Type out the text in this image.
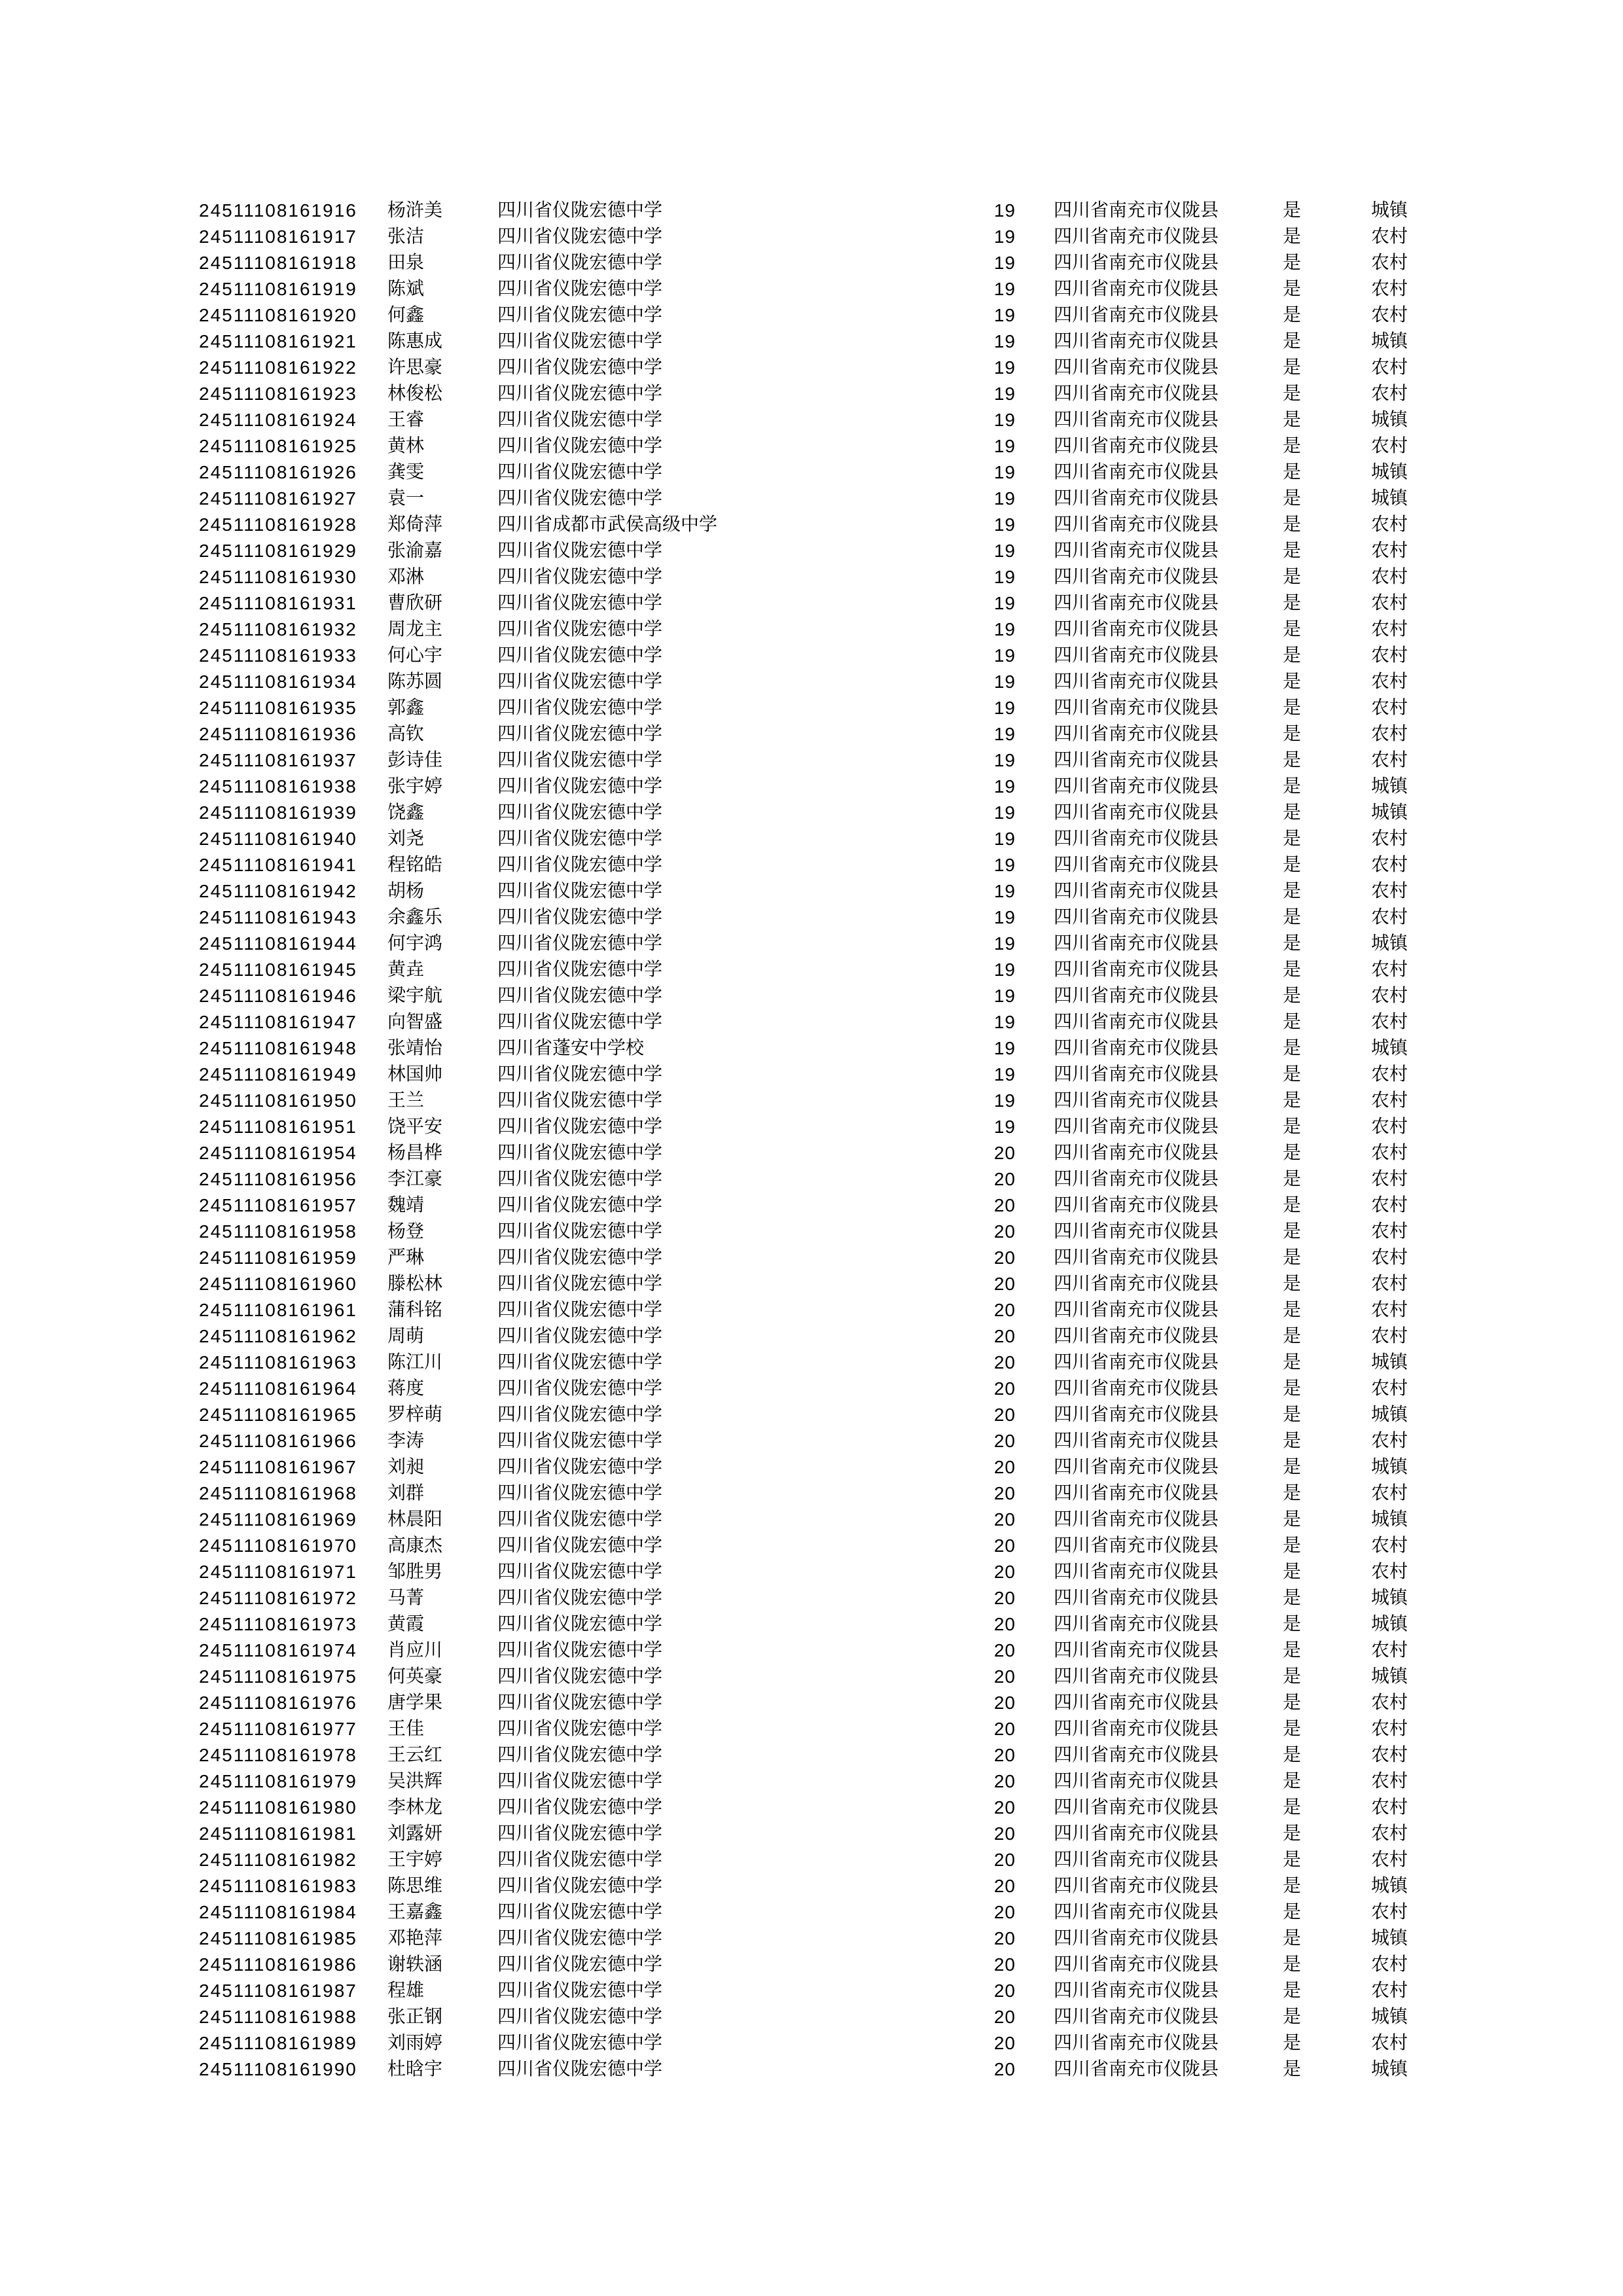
24511108161916 杨浒美	四川省仪陇宏德中学	19 四川省南充市仪陇县	是	城镇
24511108161917 张洁	四川省仪陇宏德中学	19 四川省南充市仪陇县	是	农村
24511108161918 田泉	四川省仪陇宏德中学	19 四川省南充市仪陇县	是	农村
24511108161919 陈斌	四川省仪陇宏德中学	19 四川省南充市仪陇县	是	农村
24511108161920 何鑫	四川省仪陇宏德中学	19 四川省南充市仪陇县	是	农村
24511108161921 陈惠成	四川省仪陇宏德中学	19 四川省南充市仪陇县	是	城镇
24511108161922 许思豪	四川省仪陇宏德中学	19 四川省南充市仪陇县	是	农村
24511108161923 林俊松	四川省仪陇宏德中学	19 四川省南充市仪陇县	是	农村
24511108161924 王睿	四川省仪陇宏德中学	19 四川省南充市仪陇县	是	城镇
24511108161925 黄林	四川省仪陇宏德中学	19 四川省南充市仪陇县	是	农村
24511108161926 龚雯	四川省仪陇宏德中学	19 四川省南充市仪陇县	是	城镇
24511108161927 袁一	四川省仪陇宏德中学	19 四川省南充市仪陇县	是	城镇
24511108161928 郑倚萍	四川省成都市武侯高级中学	19 四川省南充市仪陇县	是	农村
24511108161929 张渝嘉	四川省仪陇宏德中学	19 四川省南充市仪陇县	是	农村
24511108161930 邓淋	四川省仪陇宏德中学	19 四川省南充市仪陇县	是	农村
24511108161931 曹欣研	四川省仪陇宏德中学	19 四川省南充市仪陇县	是	农村
24511108161932 周龙主	四川省仪陇宏德中学	19 四川省南充市仪陇县	是	农村
24511108161933 何心宇	四川省仪陇宏德中学	19 四川省南充市仪陇县	是	农村
24511108161934 陈苏圆	四川省仪陇宏德中学	19 四川省南充市仪陇县	是	农村
24511108161935 郭鑫	四川省仪陇宏德中学	19 四川省南充市仪陇县	是	农村
24511108161936 高钦	四川省仪陇宏德中学	19 四川省南充市仪陇县	是	农村
24511108161937 彭诗佳	四川省仪陇宏德中学	19 四川省南充市仪陇县	是	农村
24511108161938 张宇婷	四川省仪陇宏德中学	19 四川省南充市仪陇县	是	城镇
24511108161939 饶鑫	四川省仪陇宏德中学	19 四川省南充市仪陇县	是	城镇
24511108161940 刘尧	四川省仪陇宏德中学	19 四川省南充市仪陇县	是	农村
24511108161941 程铭皓	四川省仪陇宏德中学	19 四川省南充市仪陇县	是	农村
24511108161942 胡杨	四川省仪陇宏德中学	19 四川省南充市仪陇县	是	农村
24511108161943 余鑫乐	四川省仪陇宏德中学	19 四川省南充市仪陇县	是	农村
24511108161944 何宇鸿	四川省仪陇宏德中学	19 四川省南充市仪陇县	是	城镇
24511108161945 黄垚	四川省仪陇宏德中学	19 四川省南充市仪陇县	是	农村
24511108161946 梁宇航	四川省仪陇宏德中学	19 四川省南充市仪陇县	是	农村
24511108161947 向智盛	四川省仪陇宏德中学	19 四川省南充市仪陇县	是	农村
24511108161948 张靖怡	四川省蓬安中学校	19 四川省南充市仪陇县	是	城镇
24511108161949 林国帅	四川省仪陇宏德中学	19 四川省南充市仪陇县	是	农村
24511108161950 王兰	四川省仪陇宏德中学	19 四川省南充市仪陇县	是	农村
24511108161951 饶平安	四川省仪陇宏德中学	19 四川省南充市仪陇县	是	农村
24511108161954 杨昌桦	四川省仪陇宏德中学	20 四川省南充市仪陇县	是	农村
24511108161956 李江豪	四川省仪陇宏德中学	20 四川省南充市仪陇县	是	农村
24511108161957 魏靖	四川省仪陇宏德中学	20 四川省南充市仪陇县	是	农村
24511108161958 杨登	四川省仪陇宏德中学	20 四川省南充市仪陇县	是	农村
24511108161959 严琳	四川省仪陇宏德中学	20 四川省南充市仪陇县	是	农村
24511108161960 滕松林	四川省仪陇宏德中学	20 四川省南充市仪陇县	是	农村
24511108161961 蒲科铭	四川省仪陇宏德中学	20 四川省南充市仪陇县	是	农村
24511108161962 周萌	四川省仪陇宏德中学	20 四川省南充市仪陇县	是	农村
24511108161963 陈江川	四川省仪陇宏德中学	20 四川省南充市仪陇县	是	城镇
24511108161964 蒋度	四川省仪陇宏德中学	20 四川省南充市仪陇县	是	农村
24511108161965 罗梓萌	四川省仪陇宏德中学	20 四川省南充市仪陇县	是	城镇
24511108161966 李涛	四川省仪陇宏德中学	20 四川省南充市仪陇县	是	农村
24511108161967 刘昶	四川省仪陇宏德中学	20 四川省南充市仪陇县	是	城镇
24511108161968 刘群	四川省仪陇宏德中学	20 四川省南充市仪陇县	是	农村
24511108161969 林晨阳	四川省仪陇宏德中学	20 四川省南充市仪陇县	是	城镇
24511108161970 高康杰	四川省仪陇宏德中学	20 四川省南充市仪陇县	是	农村
24511108161971 邹胜男	四川省仪陇宏德中学	20 四川省南充市仪陇县	是	农村
24511108161972 马菁	四川省仪陇宏德中学	20 四川省南充市仪陇县	是	城镇
24511108161973 黄霞	四川省仪陇宏德中学	20 四川省南充市仪陇县	是	城镇
24511108161974 肖应川	四川省仪陇宏德中学	20 四川省南充市仪陇县	是	农村
24511108161975 何英豪	四川省仪陇宏德中学	20 四川省南充市仪陇县	是	城镇
24511108161976 唐学果	四川省仪陇宏德中学	20 四川省南充市仪陇县	是	农村
24511108161977 王佳	四川省仪陇宏德中学	20 四川省南充市仪陇县	是	农村
24511108161978 王云红	四川省仪陇宏德中学	20 四川省南充市仪陇县	是	农村
24511108161979 吴洪辉	四川省仪陇宏德中学	20 四川省南充市仪陇县	是	农村
24511108161980 李林龙	四川省仪陇宏德中学	20 四川省南充市仪陇县	是	农村
24511108161981 刘露妍	四川省仪陇宏德中学	20 四川省南充市仪陇县	是	农村
24511108161982 王宇婷	四川省仪陇宏德中学	20 四川省南充市仪陇县	是	农村
24511108161983 陈思维	四川省仪陇宏德中学	20 四川省南充市仪陇县	是	城镇
24511108161984 王嘉鑫	四川省仪陇宏德中学	20 四川省南充市仪陇县	是	农村
24511108161985 邓艳萍	四川省仪陇宏德中学	20 四川省南充市仪陇县	是	城镇
24511108161986 谢轶涵	四川省仪陇宏德中学	20 四川省南充市仪陇县	是	农村
24511108161987 程雄	四川省仪陇宏德中学	20 四川省南充市仪陇县	是	农村
24511108161988 张正钢	四川省仪陇宏德中学	20 四川省南充市仪陇县	是	城镇
24511108161989 刘雨婷	四川省仪陇宏德中学	20 四川省南充市仪陇县	是	农村
24511108161990 杜晗宇	四川省仪陇宏德中学	20 四川省南充市仪陇县	是	城镇
